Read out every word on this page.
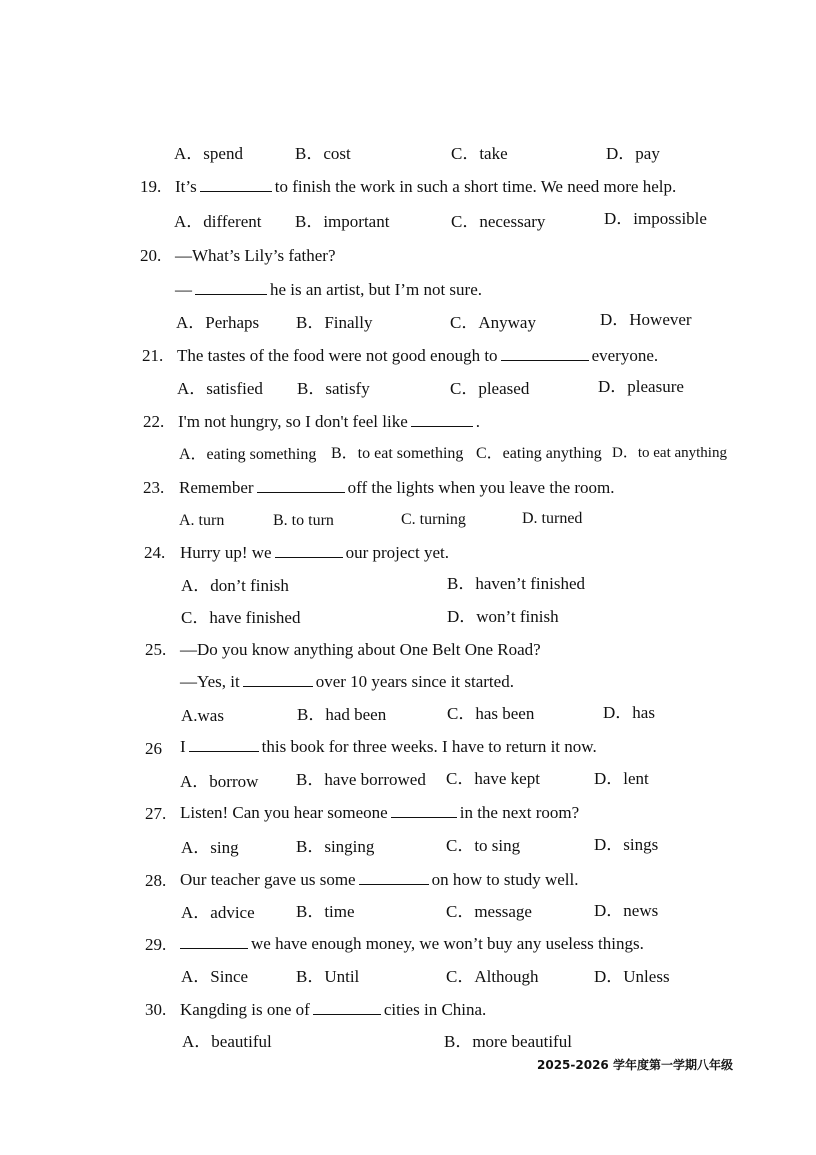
A．spend	B．cost	C．take	D．pay
19. It’s	to finish the work in such a short time. We need more help.
A．different B．important	C．necessary	D．impossible
20. —What’s Lily’s father?
—	he is an artist, but I’m not sure.
A．Perhaps B．Finally	C．Anyway	D．However
21. The tastes of the food were not good enough to	everyone.
A．satisfied B．satisfy	C．pleased	D．pleasure
22. I'm not hungry, so I don't feel like	.
A．eating something B．to eat something C．eating anything D．to eat anything
23. Remember	off the lights when you leave the room.
A. turn	B. to turn	C. turning	D. turned
24. Hurry up! we	our project yet.
A．don’t finish	B．haven’t finished
C．have finished	D．won’t finish
25. —Do you know anything about One Belt One Road?
—Yes, it	over 10 years since it started.
A.was	B．had been	C．has been	D．has
26 I	this book for three weeks. I have to return it now.
A．borrow B．have borrowed C．have kept	D．lent
27. Listen! Can you hear someone	in the next room?
A．sing	B．singing	C．to sing	D．sings
28. Our teacher gave us some	on how to study well.
A．advice B．time	C．message	D．news
29.	we have enough money, we won’t buy any useless things.
A．Since	B．Until	C．Although	D．Unless
30. Kangding is one of	cities in China.
A．beautiful	B．more beautiful
2025-2026 学年度第一学期八年级
